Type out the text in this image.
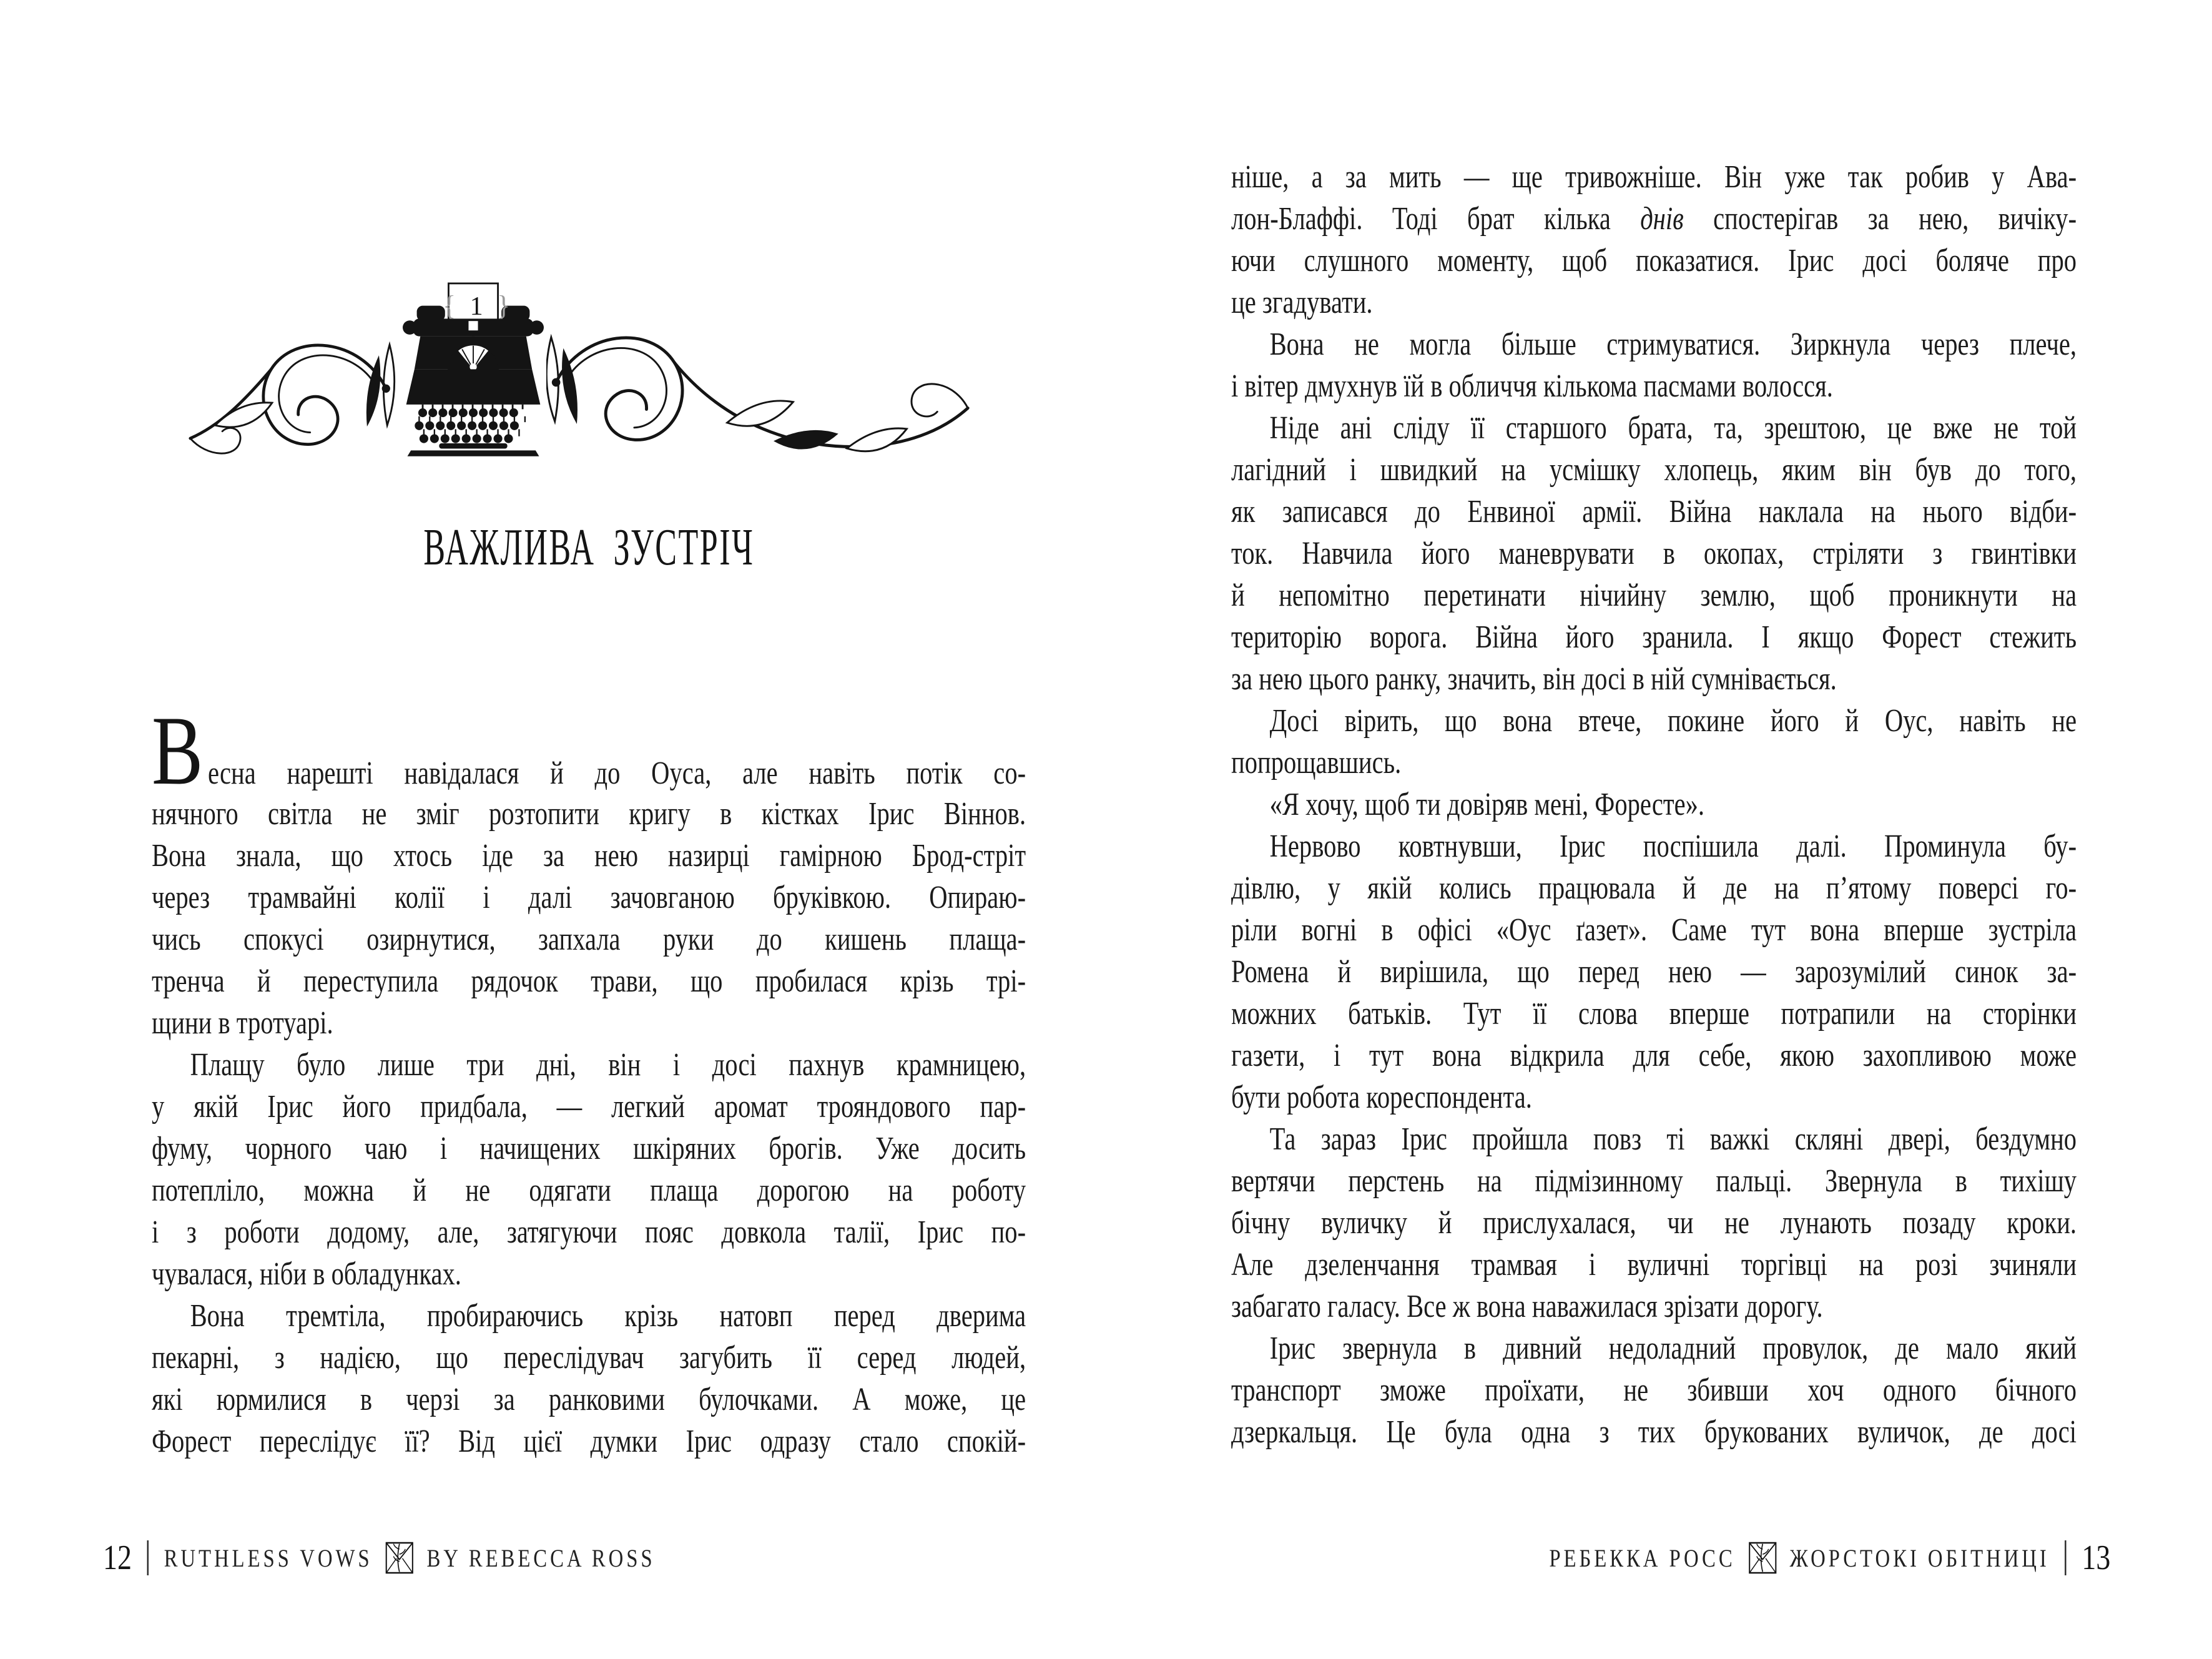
{ 1 }
ВАЖЛИВА ЗУСТРІЧ
Весна нарешті навідалася й до Оуса, але навіть потік со-
нячного світла не зміг розтопити кригу в кістках Ірис Віннов.
Вона знала, що хтось іде за нею назирці гамірною Брод-стріт
через трамвайні колії і далі зачовганою бруківкою. Опираю-
чись спокусі озирнутися, запхала руки до кишень плаща-
тренча й переступила рядочок трави, що пробилася крізь трі-
щини в тротуарі.
Плащу було лише три дні, він і досі пахнув крамницею,
у якій Ірис його придбала, — легкий аромат трояндового пар-
фуму, чорного чаю і начищених шкіряних брогів. Уже досить
потепліло, можна й не одягати плаща дорогою на роботу
і з роботи додому, але, затягуючи пояс довкола талії, Ірис по-
чувалася, ніби в обладунках.
Вона тремтіла, пробираючись крізь натовп перед дверима
пекарні, з надією, що переслідувач загубить її серед людей,
які юрмилися в черзі за ранковими булочками. А може, це
Форест переслідує її? Від цієї думки Ірис одразу стало спокій-
12 RUTHLESS VOWS BY REBECCA ROSS
ніше, а за мить — ще тривожніше. Він уже так робив у Ава-
лон-Блаффі. Тоді брат кілька днів спостерігав за нею, вичіку-
ючи слушного моменту, щоб показатися. Ірис досі боляче про
це згадувати.
Вона не могла більше стримуватися. Зиркнула через плече,
і вітер дмухнув їй в обличчя кількома пасмами волосся.
Ніде ані сліду її старшого брата, та, зрештою, це вже не той
лагідний і швидкий на усмішку хлопець, яким він був до того,
як записався до Енвиної армії. Війна наклала на нього відби-
ток. Навчила його маневрувати в окопах, стріляти з гвинтівки
й непомітно перетинати нічийну землю, щоб проникнути на
територію ворога. Війна його зранила. І якщо Форест стежить
за нею цього ранку, значить, він досі в ній сумнівається.
Досі вірить, що вона втече, покине його й Оус, навіть не
попрощавшись.
«Я хочу, щоб ти довіряв мені, Форесте».
Нервово ковтнувши, Ірис поспішила далі. Проминула бу-
дівлю, у якій колись працювала й де на п’ятому поверсі го-
ріли вогні в офісі «Оус ґазет». Саме тут вона вперше зустріла
Ромена й вирішила, що перед нею — зарозумілий синок за-
можних батьків. Тут її слова вперше потрапили на сторінки
газети, і тут вона відкрила для себе, якою захопливою може
бути робота кореспондента.
Та зараз Ірис пройшла повз ті важкі скляні двері, бездумно
вертячи перстень на підмізинному пальці. Звернула в тихішу
бічну вуличку й прислухалася, чи не лунають позаду кроки.
Але дзеленчання трамвая і вуличні торгівці на розі зчиняли
забагато галасу. Все ж вона наважилася зрізати дорогу.
Ірис звернула в дивний недоладний провулок, де мало який
транспорт зможе проїхати, не збивши хоч одного бічного
дзеркальця. Це була одна з тих брукованих вуличок, де досі
РЕБЕККА РОСС ЖОРСТОКІ ОБІТНИЦІ 13
